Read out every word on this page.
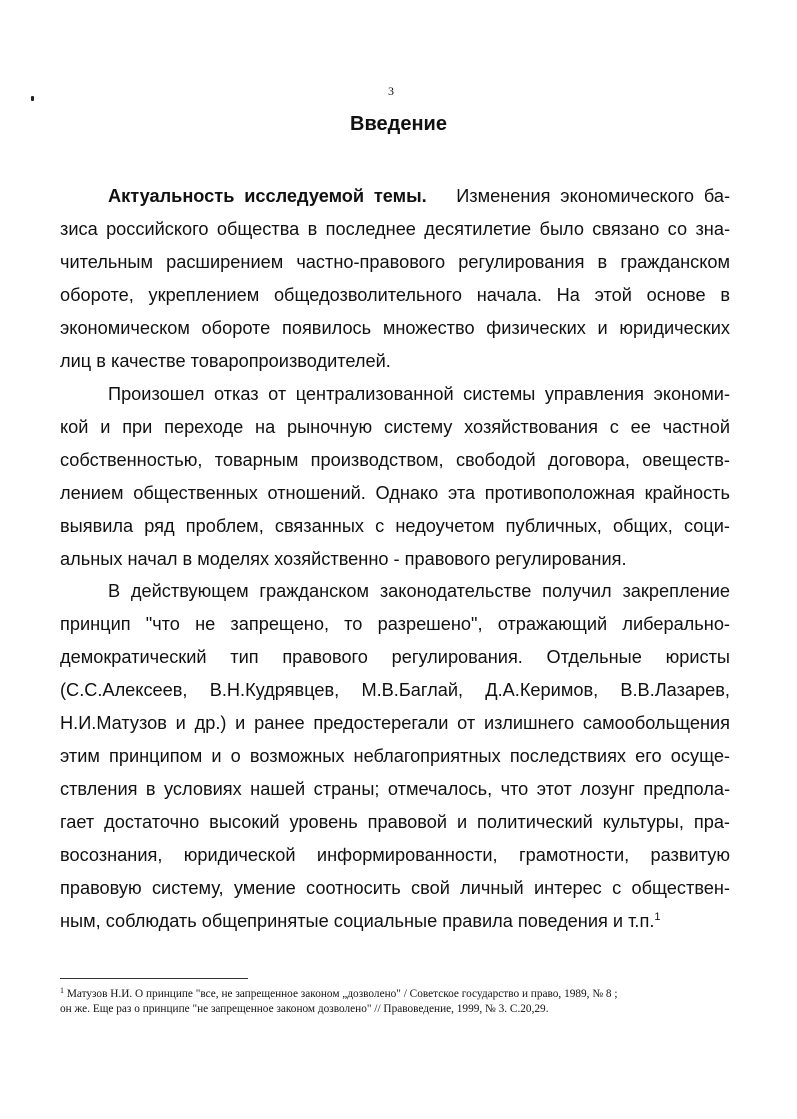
3
Введение
Актуальность исследуемой темы. Изменения экономического ба-
зиса российского общества в последнее десятилетие было связано со зна-
чительным расширением частно-правового регулирования в гражданском
обороте, укреплением общедозволительного начала. На этой основе в
экономическом обороте появилось множество физических и юридических
лиц в качестве товаропроизводителей.
Произошел отказ от централизованной системы управления экономи-
кой и при переходе на рыночную систему хозяйствования с ее частной
собственностью, товарным производством, свободой договора, овеществ-
лением общественных отношений. Однако эта противоположная крайность
выявила ряд проблем, связанных с недоучетом публичных, общих, соци-
альных начал в моделях хозяйственно - правового регулирования.
В действующем гражданском законодательстве получил закрепление
принцип "что не запрещено, то разрешено", отражающий либерально-
демократический тип правового регулирования. Отдельные юристы
(С.С.Алексеев, В.Н.Кудрявцев, М.В.Баглай, Д.А.Керимов, В.В.Лазарев,
Н.И.Матузов и др.) и ранее предостерегали от излишнего самообольщения
этим принципом и о возможных неблагоприятных последствиях его осуще-
ствления в условиях нашей страны; отмечалось, что этот лозунг предпола-
гает достаточно высокий уровень правовой и политический культуры, пра-
восознания, юридической информированности, грамотности, развитую
правовую систему, умение соотносить свой личный интерес с обществен-
ным, соблюдать общепринятые социальные правила поведения и т.п.$^1$
$^1$ Матузов Н.И. О принципе "все, не запрещенное законом „дозволено" / Советское государство и право, 1989, № 8 ;
он же. Еще раз о принципе "не запрещенное законом дозволено" // Правоведение, 1999, № 3. С.20,29.
